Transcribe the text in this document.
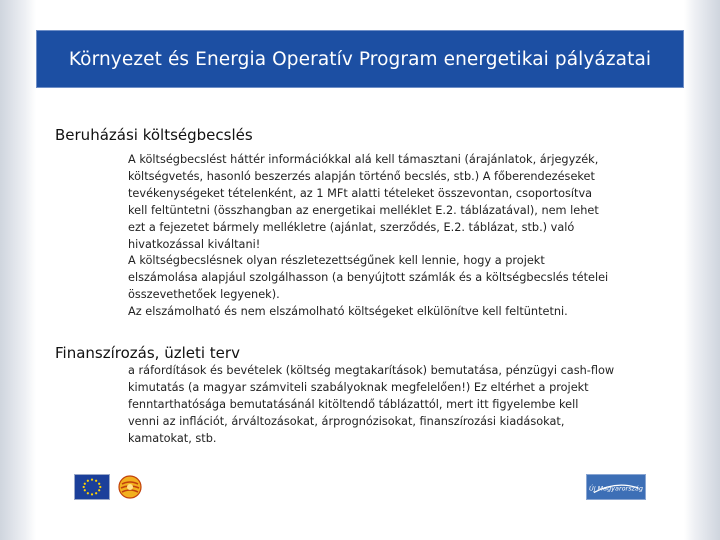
Környezet és Energia Operatív Program energetikai pályázatai
Beruházási költségbecslés

A költségbecslést háttér információkkal alá kell támasztani (árajánlatok, árjegyzék,

költségvetés, hasonló beszerzés alapján történő becslés, stb.) A főberendezéseket

tevékenységeket tételenként, az 1 MFt alatti tételeket összevontan, csoportosítva

kell feltüntetni (összhangban az energetikai melléklet E.2. táblázatával), nem lehet

ezt a fejezetet bármely mellékletre (ajánlat, szerződés, E.2. táblázat, stb.) való

hivatkozással kiváltani!

A költségbecslésnek olyan részletezettségűnek kell lennie, hogy a projekt

elszámolása alapjául szolgálhasson (a benyújtott számlák és a költségbecslés tételei

összevethetőek legyenek).

Az elszámolható és nem elszámolható költségeket elkülönítve kell feltüntetni.

Finanszírozás, üzleti terv

a ráfordítások és bevételek (költség megtakarítások) bemutatása, pénzügyi cash-flow

kimutatás (a magyar számviteli szabályoknak megfelelően!) Ez eltérhet a projekt

fenntarthatósága bemutatásánál kitöltendő táblázattól, mert itt figyelembe kell

venni az inflációt, árváltozásokat, árprognózisokat, finanszírozási kiadásokat,

kamatokat, stb.

Új Magyarország
